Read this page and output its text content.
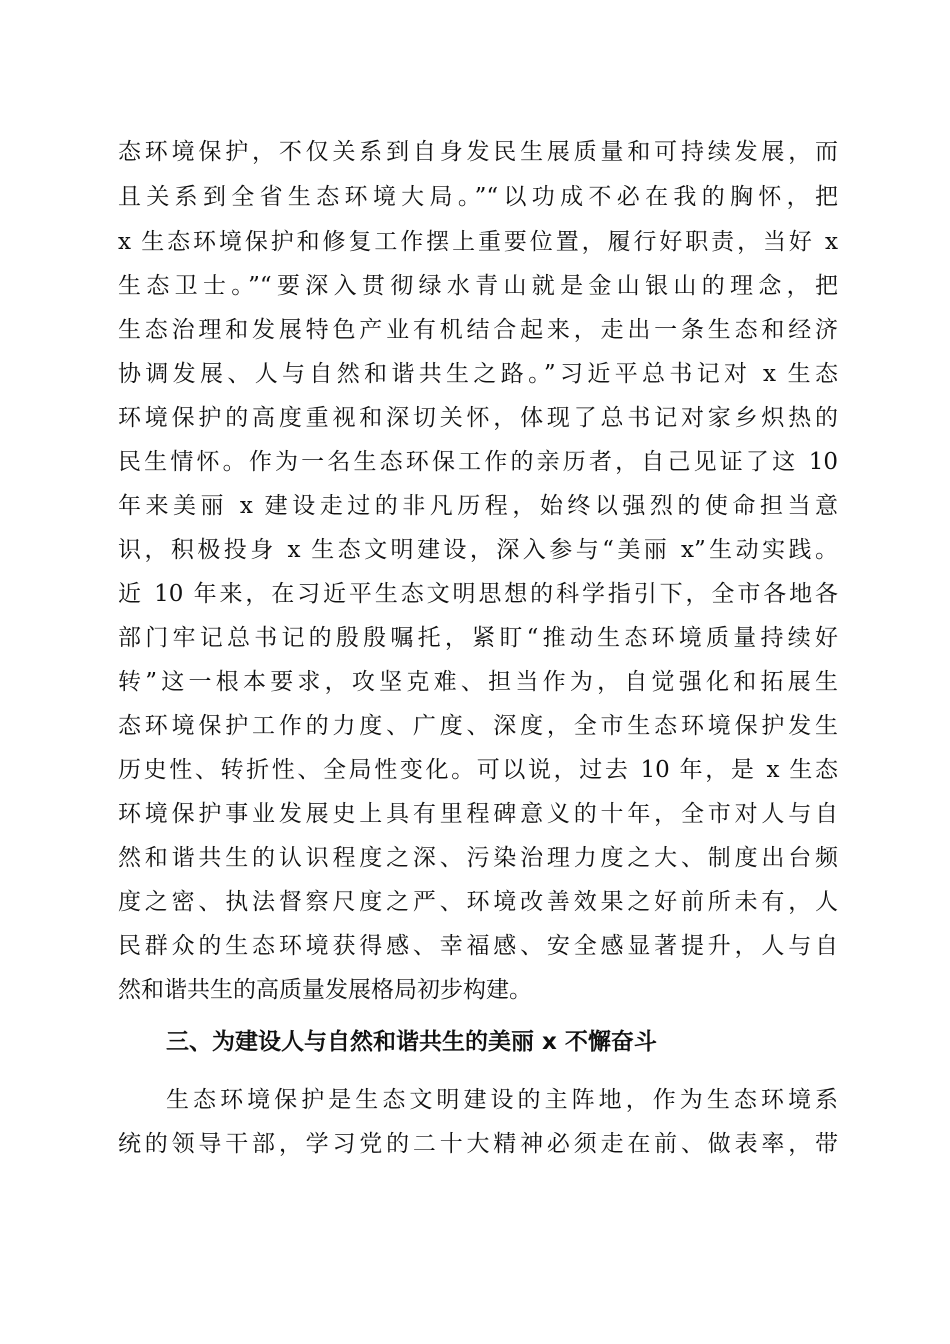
态环境保护，不仅关系到自身发民生展质量和可持续发展，而
且关系到全省生态环境大局。”“以功成不必在我的胸怀，把
x 生态环境保护和修复工作摆上重要位置，履行好职责，当好 x
生态卫士。”“要深入贯彻绿水青山就是金山银山的理念，把
生态治理和发展特色产业有机结合起来，走出一条生态和经济
协调发展、人与自然和谐共生之路。”习近平总书记对 x 生态
环境保护的高度重视和深切关怀，体现了总书记对家乡炽热的
民生情怀。作为一名生态环保工作的亲历者，自己见证了这 10
年来美丽 x 建设走过的非凡历程，始终以强烈的使命担当意
识，积极投身 x 生态文明建设，深入参与“美丽 x”生动实践。
近 10 年来，在习近平生态文明思想的科学指引下，全市各地各
部门牢记总书记的殷殷嘱托，紧盯“推动生态环境质量持续好
转”这一根本要求，攻坚克难、担当作为，自觉强化和拓展生
态环境保护工作的力度、广度、深度，全市生态环境保护发生
历史性、转折性、全局性变化。可以说，过去 10 年，是 x 生态
环境保护事业发展史上具有里程碑意义的十年，全市对人与自
然和谐共生的认识程度之深、污染治理力度之大、制度出台频
度之密、执法督察尺度之严、环境改善效果之好前所未有，人
民群众的生态环境获得感、幸福感、安全感显著提升，人与自
然和谐共生的高质量发展格局初步构建。
三、为建设人与自然和谐共生的美丽 x 不懈奋斗
生态环境保护是生态文明建设的主阵地，作为生态环境系
统的领导干部，学习党的二十大精神必须走在前、做表率，带
